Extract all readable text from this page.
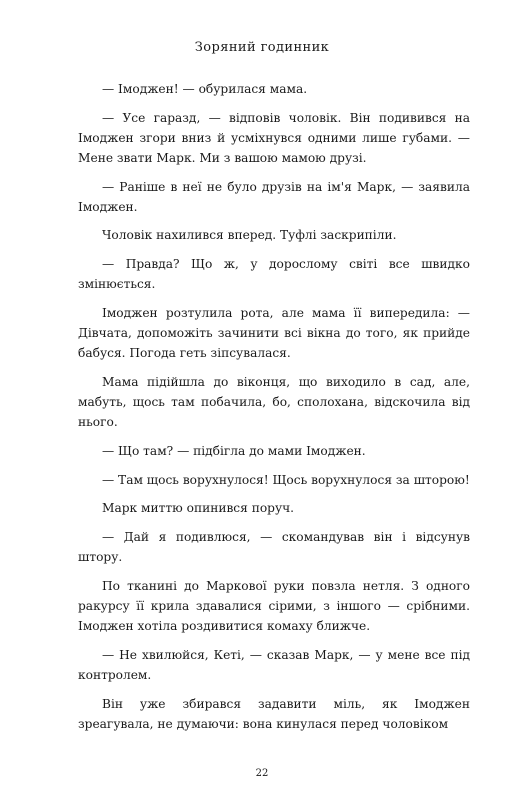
Зоряний годинник

— Імоджен! — обурилася мама.

— Усе гаразд, — відповів чоловік. Він подивився на Імоджен згори вниз й усміхнувся одними лише губами. — Мене звати Марк. Ми з вашою мамою друзі.

— Раніше в неї не було друзів на ім'я Марк, — заявила Імоджен.

Чоловік нахилився вперед. Туфлі заскрипіли.

— Правда? Що ж, у дорослому світі все швидко змінюється.

Імоджен розтулила рота, але мама її випередила: — Дівчата, допоможіть зачинити всі вікна до того, як прийде бабуся. Погода геть зіпсувалася.

Мама підійшла до віконця, що виходило в сад, але, мабуть, щось там побачила, бо, сполохана, відскочила від нього.

— Що там? — підбігла до мами Імоджен.

— Там щось ворухнулося! Щось ворухнулося за шторою!

Марк миттю опинився поруч.

— Дай я подивлюся, — скомандував він і відсунув штору.

По тканині до Маркової руки повзла нетля. З одного ракурсу її крила здавалися сірими, з іншого — срібними. Імоджен хотіла роздивитися комаху ближче.

— Не хвилюйся, Кеті, — сказав Марк, — у мене все під контролем.

Він уже збирався задавити міль, як Імоджен зреагувала, не думаючи: вона кинулася перед чоловіком

22
